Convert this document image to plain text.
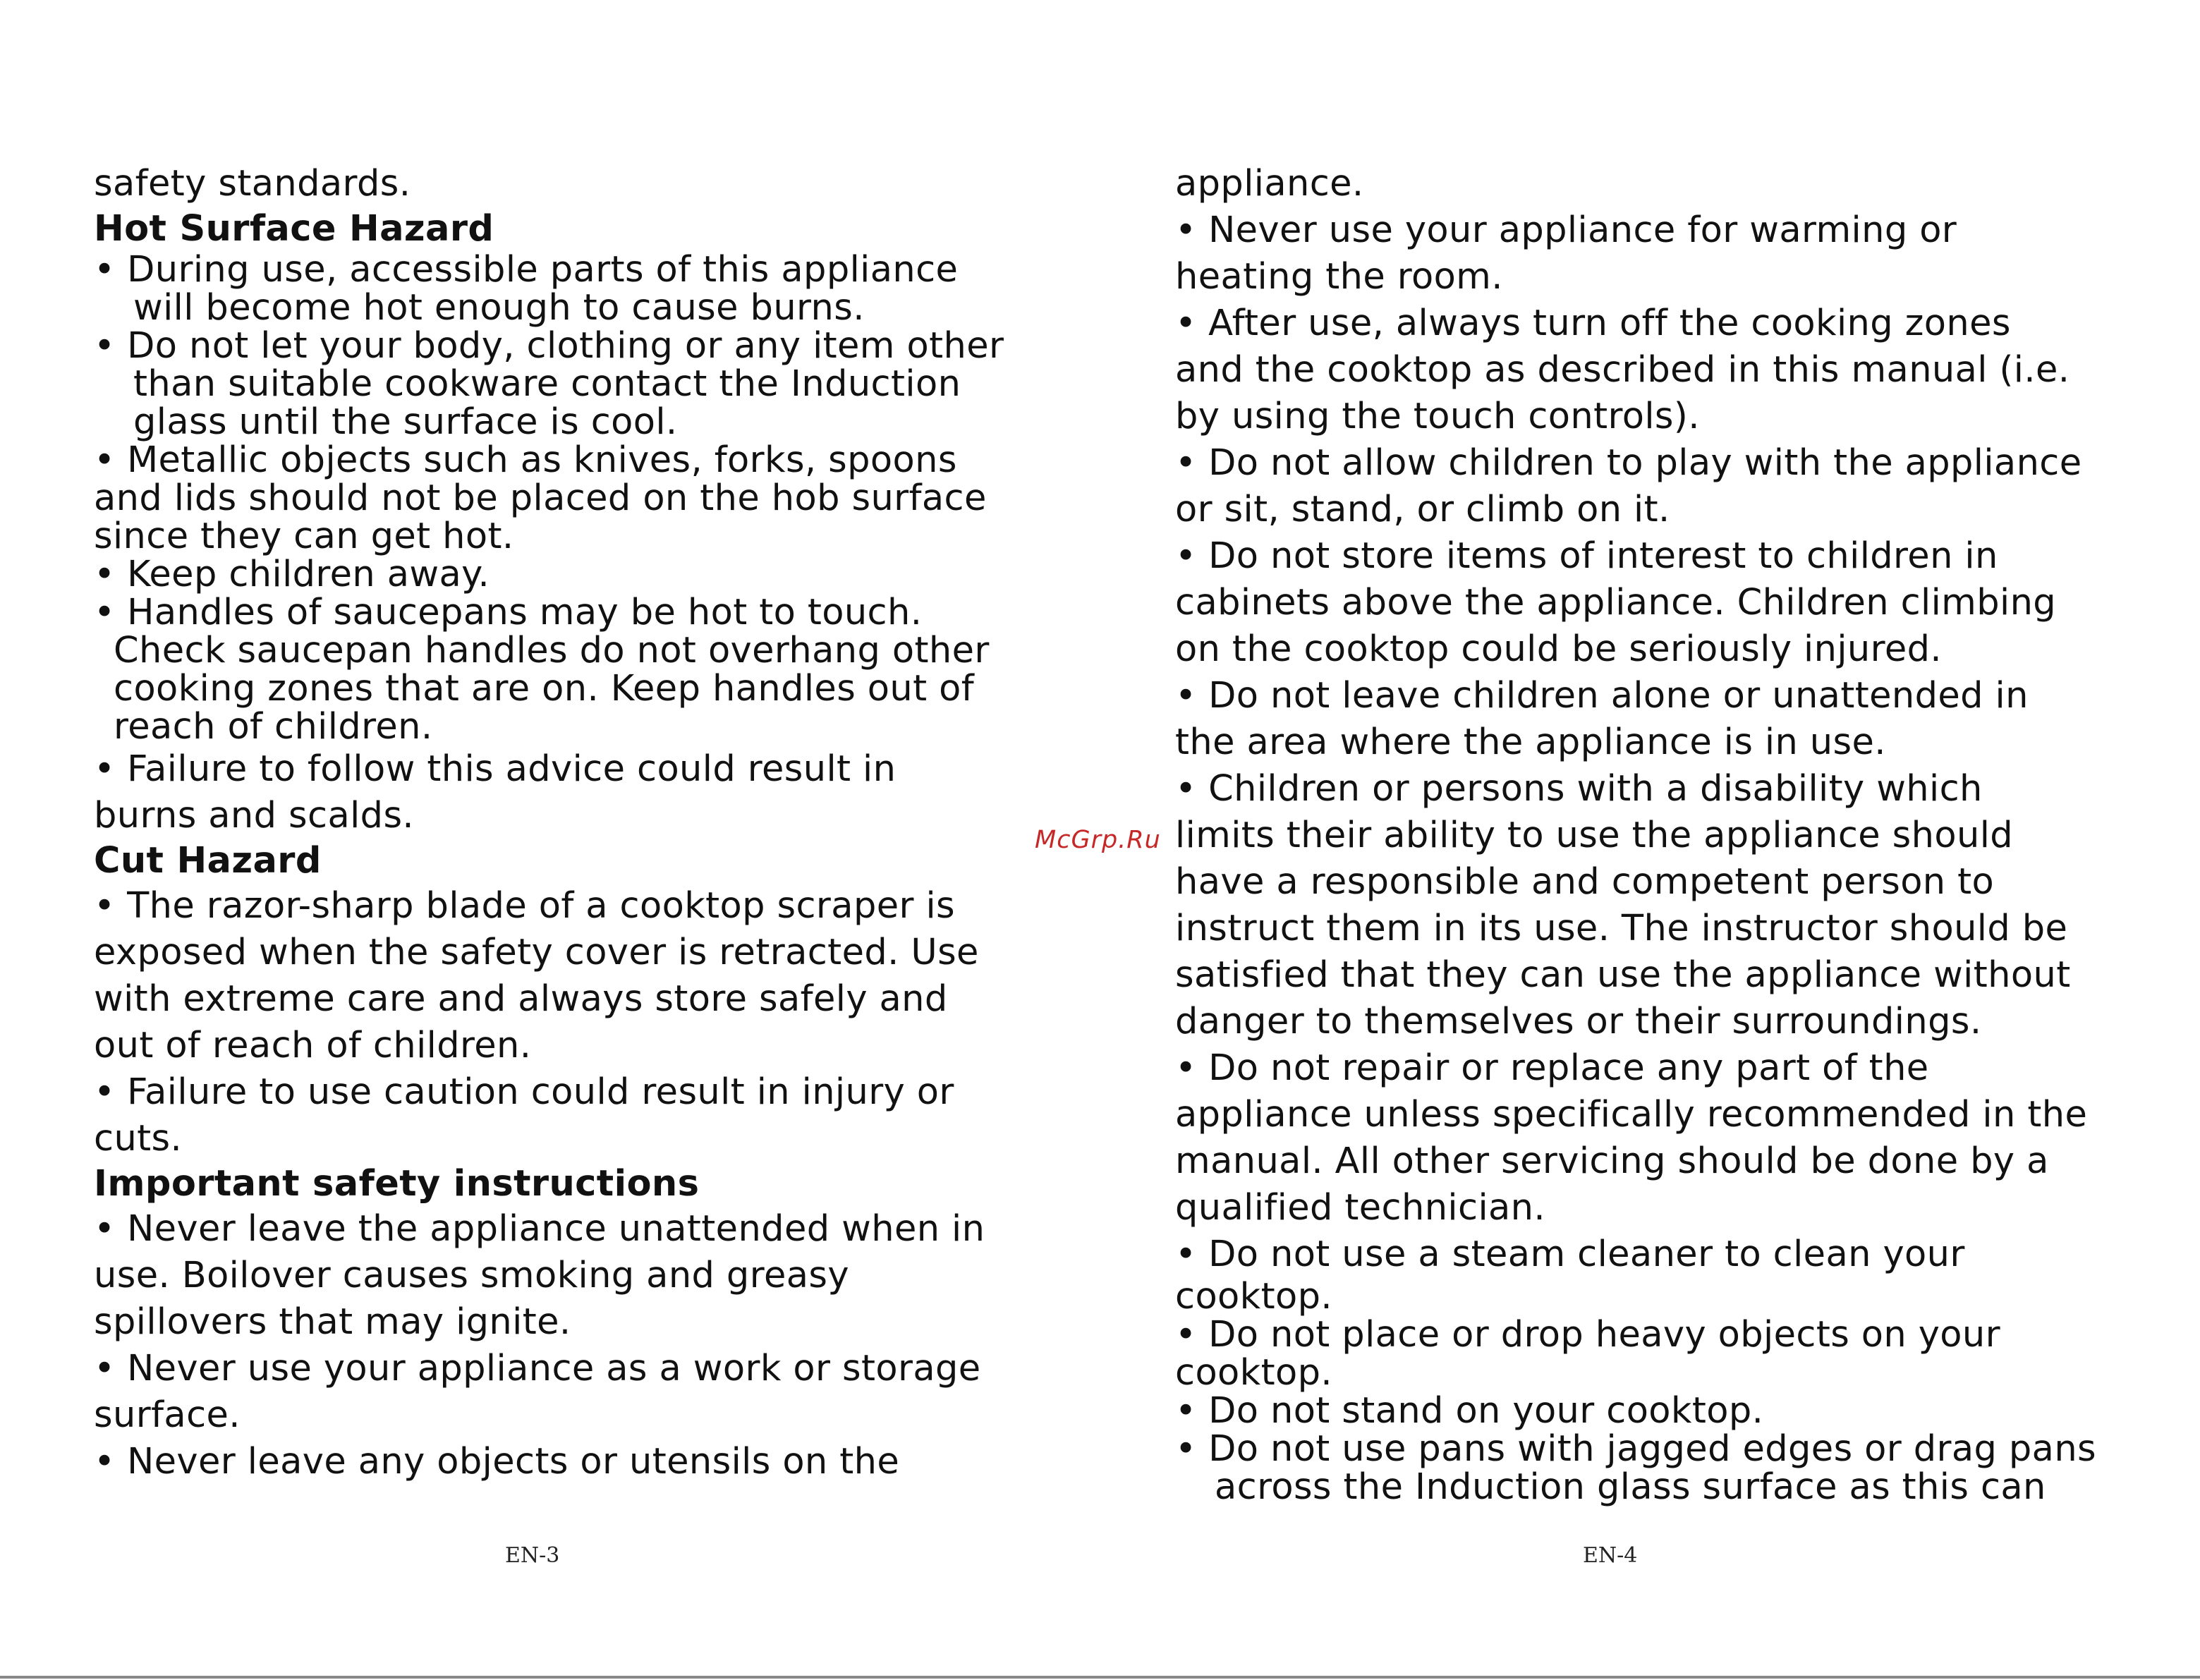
safety standards.
Hot Surface Hazard
• During use, accessible parts of this appliance
will become hot enough to cause burns.
• Do not let your body, clothing or any item other
than suitable cookware contact the Induction
glass until the surface is cool.
• Metallic objects such as knives, forks, spoons
and lids should not be placed on the hob surface
since they can get hot.
• Keep children away.
• Handles of saucepans may be hot to touch.
Check saucepan handles do not overhang other
cooking zones that are on. Keep handles out of
reach of children.
• Failure to follow this advice could result in
burns and scalds.
Cut Hazard
• The razor-sharp blade of a cooktop scraper is
exposed when the safety cover is retracted. Use
with extreme care and always store safely and
out of reach of children.
• Failure to use caution could result in injury or
cuts.
Important safety instructions
• Never leave the appliance unattended when in
use. Boilover causes smoking and greasy
spillovers that may ignite.
• Never use your appliance as a work or storage
surface.
• Never leave any objects or utensils on the
EN-3
appliance.
• Never use your appliance for warming or
heating the room.
• After use, always turn off the cooking zones
and the cooktop as described in this manual (i.e.
by using the touch controls).
• Do not allow children to play with the appliance
or sit, stand, or climb on it.
• Do not store items of interest to children in
cabinets above the appliance. Children climbing
on the cooktop could be seriously injured.
• Do not leave children alone or unattended in
the area where the appliance is in use.
• Children or persons with a disability which
limits their ability to use the appliance should
have a responsible and competent person to
instruct them in its use. The instructor should be
satisfied that they can use the appliance without
danger to themselves or their surroundings.
• Do not repair or replace any part of the
appliance unless specifically recommended in the
manual. All other servicing should be done by a
qualified technician.
• Do not use a steam cleaner to clean your
cooktop.
• Do not place or drop heavy objects on your
cooktop.
• Do not stand on your cooktop.
• Do not use pans with jagged edges or drag pans
across the Induction glass surface as this can
EN-4
McGrp.Ru
